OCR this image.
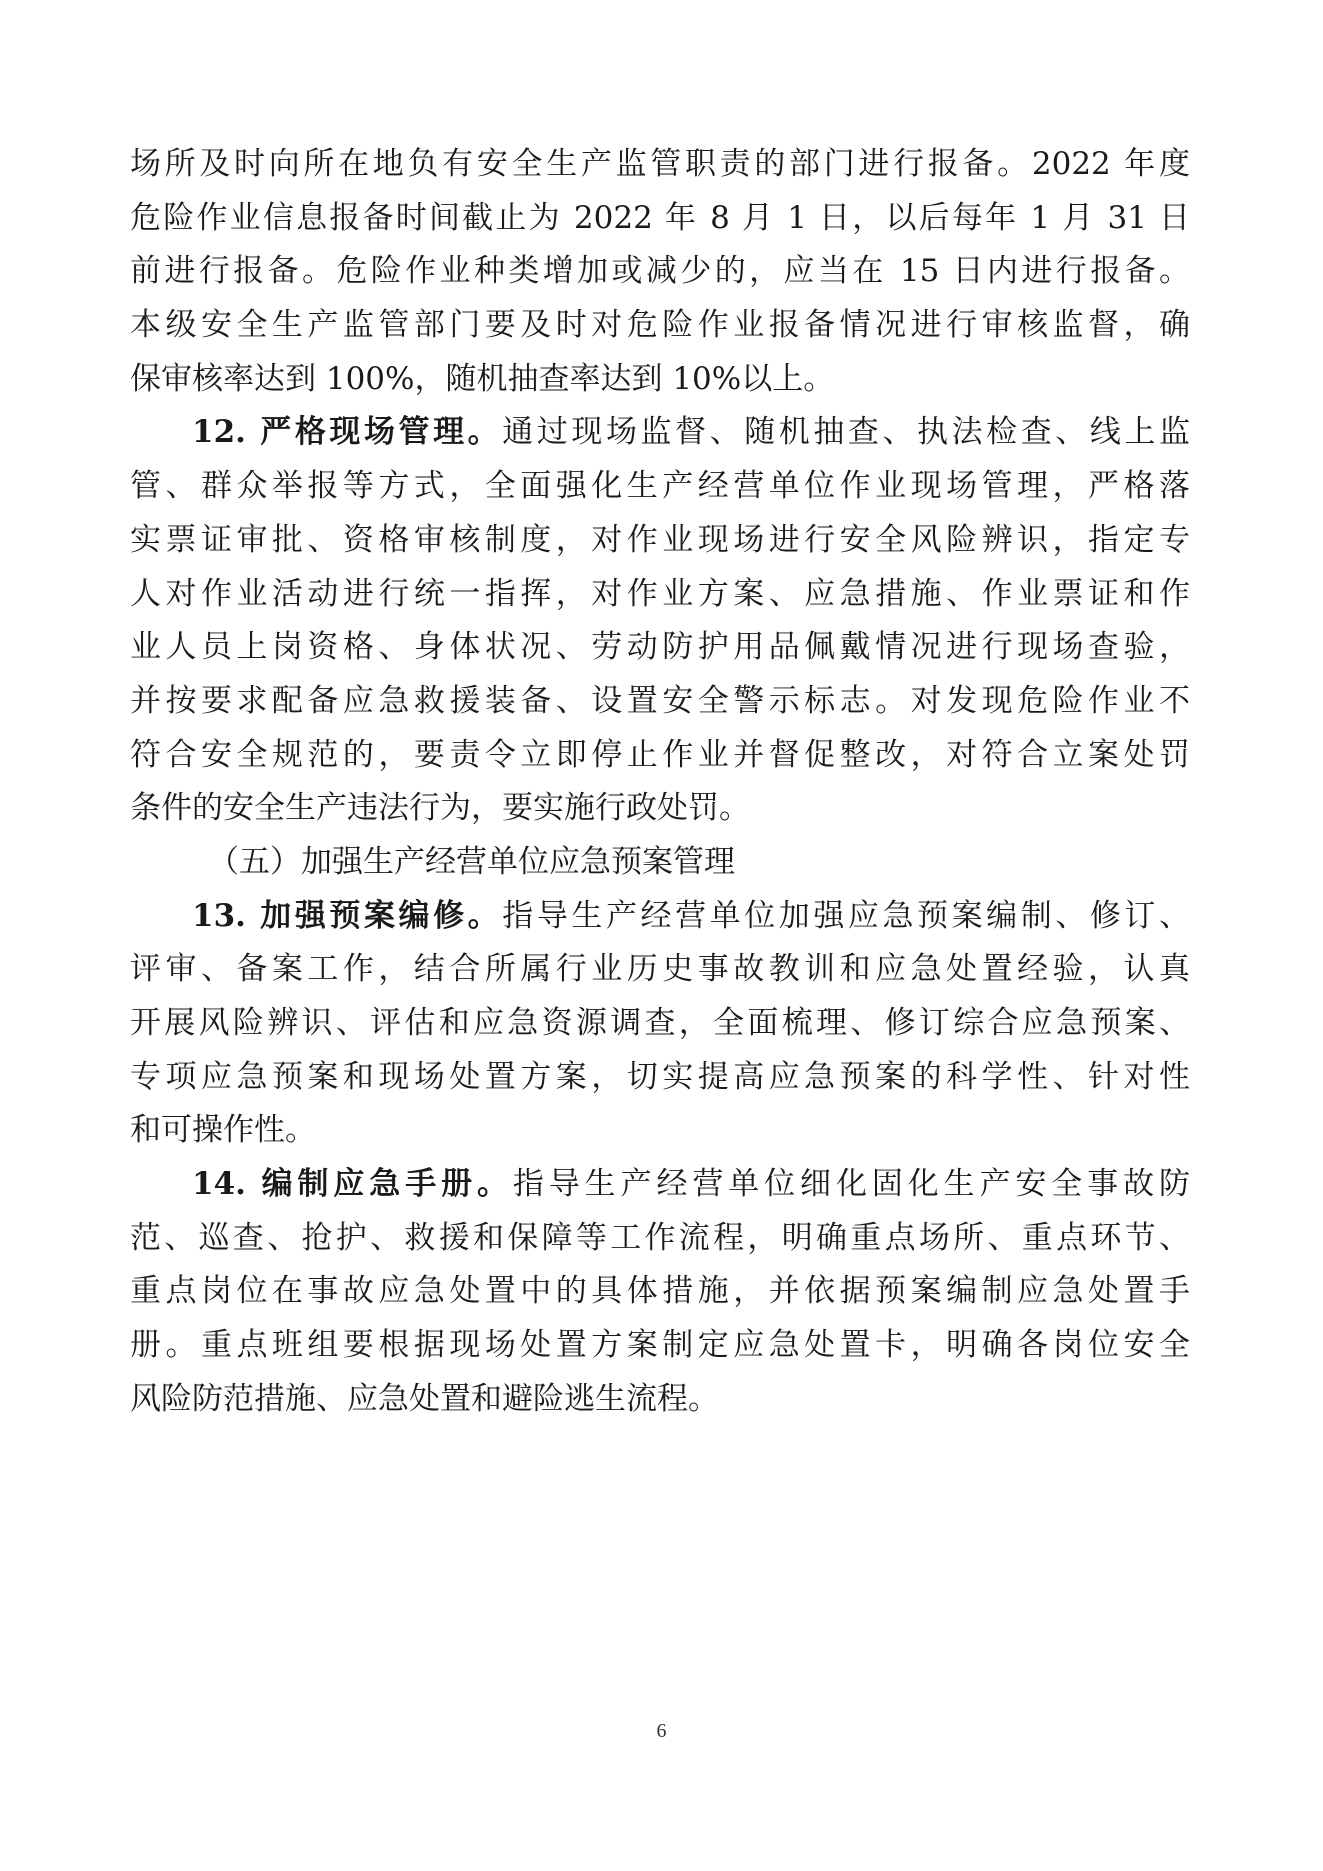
场所及时向所在地负有安全生产监管职责的部门进行报备。2022 年度
危险作业信息报备时间截止为 2022 年 8 月 1 日，以后每年 1 月 31 日
前进行报备。危险作业种类增加或减少的，应当在 15 日内进行报备。
本级安全生产监管部门要及时对危险作业报备情况进行审核监督，确
保审核率达到 100%，随机抽查率达到 10%以上。
12. 严格现场管理。通过现场监督、随机抽查、执法检查、线上监
管、群众举报等方式，全面强化生产经营单位作业现场管理，严格落
实票证审批、资格审核制度，对作业现场进行安全风险辨识，指定专
人对作业活动进行统一指挥，对作业方案、应急措施、作业票证和作
业人员上岗资格、身体状况、劳动防护用品佩戴情况进行现场查验，
并按要求配备应急救援装备、设置安全警示标志。对发现危险作业不
符合安全规范的，要责令立即停止作业并督促整改，对符合立案处罚
条件的安全生产违法行为，要实施行政处罚。
（五）加强生产经营单位应急预案管理
13. 加强预案编修。指导生产经营单位加强应急预案编制、修订、
评审、备案工作，结合所属行业历史事故教训和应急处置经验，认真
开展风险辨识、评估和应急资源调查，全面梳理、修订综合应急预案、
专项应急预案和现场处置方案，切实提高应急预案的科学性、针对性
和可操作性。
14. 编制应急手册。指导生产经营单位细化固化生产安全事故防
范、巡查、抢护、救援和保障等工作流程，明确重点场所、重点环节、
重点岗位在事故应急处置中的具体措施，并依据预案编制应急处置手
册。重点班组要根据现场处置方案制定应急处置卡，明确各岗位安全
风险防范措施、应急处置和避险逃生流程。
6
